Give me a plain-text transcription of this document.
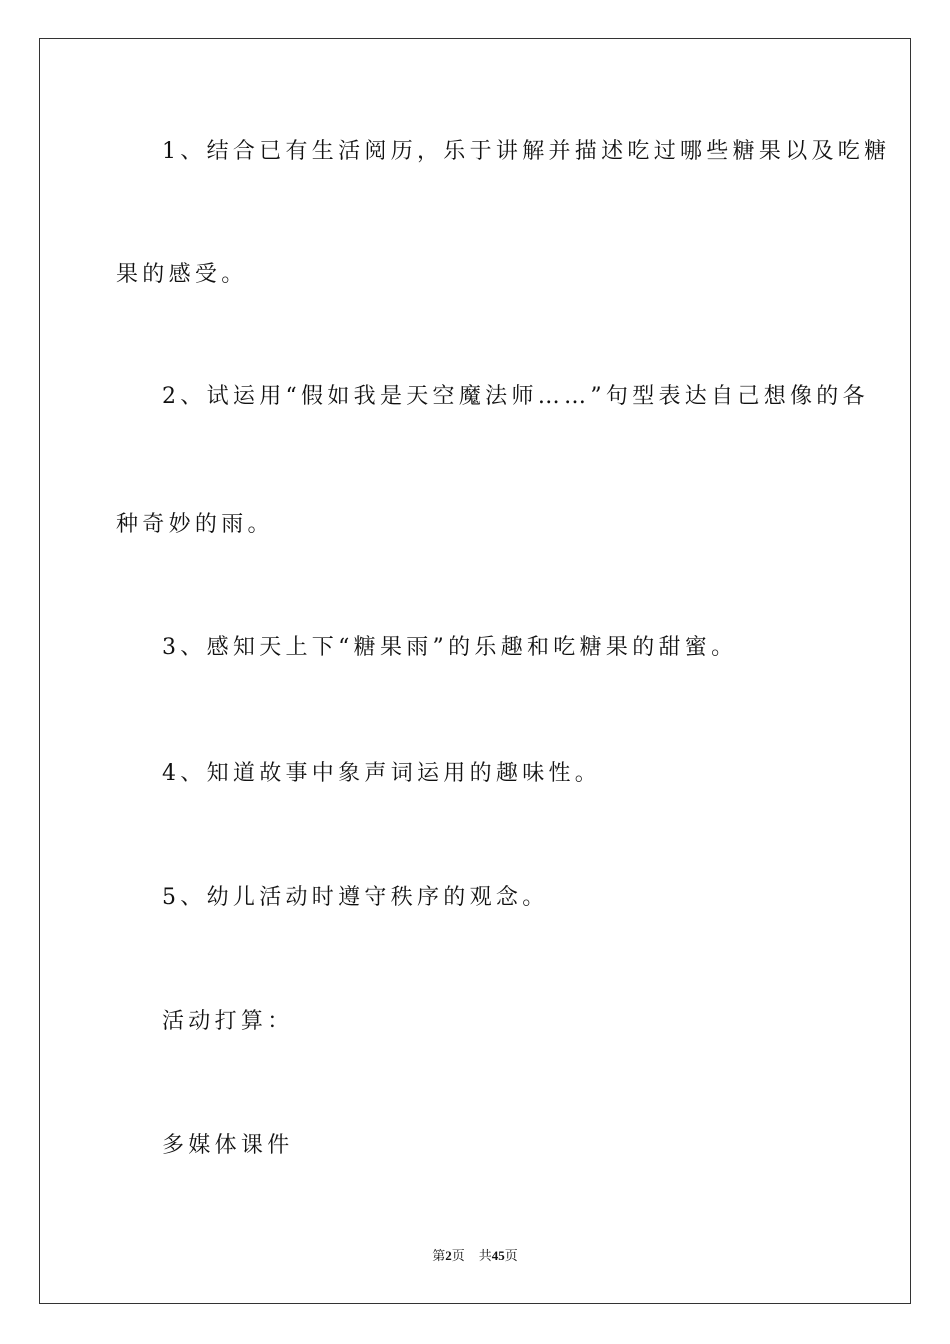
1、结合已有生活阅历，乐于讲解并描述吃过哪些糖果以及吃糖
果的感受。
2、试运用“假如我是天空魔法师……”句型表达自己想像的各
种奇妙的雨。
3、感知天上下“糖果雨”的乐趣和吃糖果的甜蜜。
4、知道故事中象声词运用的趣味性。
5、幼儿活动时遵守秩序的观念。
活动打算：
多媒体课件
第2页 共45页
